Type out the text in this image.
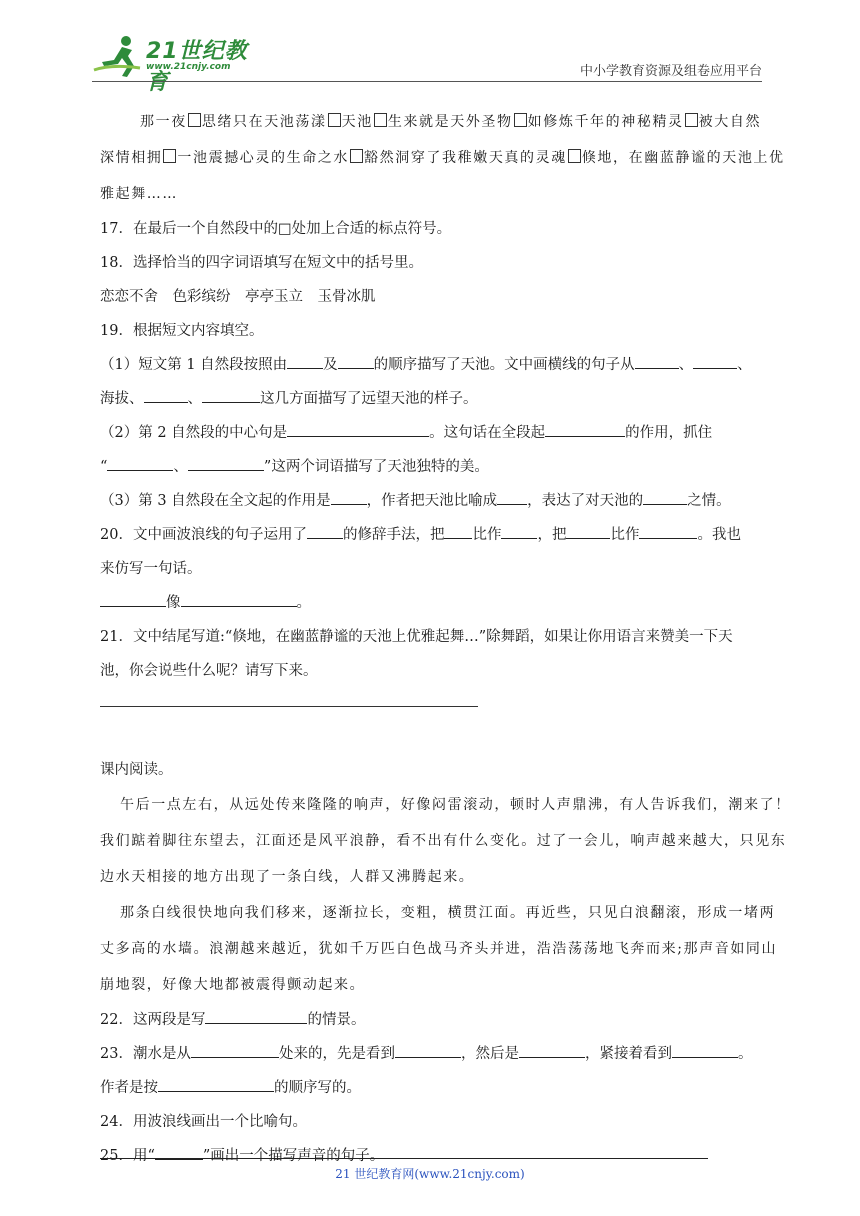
21世纪教育
www.21cnjy.com	中小学教育资源及组卷应用平台

那一夜 思绪只在天池荡漾 天池 生来就是天外圣物 如修炼千年的神秘精灵 被大自然

深情相拥 一池震撼心灵的生命之水 豁然洞穿了我稚嫩天真的灵魂 倏地，在幽蓝静谧的天池上优

雅起舞……

17．在最后一个自然段中的□处加上合适的标点符号。

18．选择恰当的四字词语填写在短文中的括号里。

恋恋不舍　色彩缤纷　亭亭玉立　玉骨冰肌

19．根据短文内容填空。

（1）短文第 1 自然段按照由 及 的顺序描写了天池。文中画横线的句子从	、	、

海拔、	、	这几方面描写了远望天池的样子。

（2）第 2 自然段的中心句是	。这句话在全段起	的作用，抓住

“	、	”这两个词语描写了天池独特的美。

（3）第 3 自然段在全文起的作用是 ，作者把天池比喻成 ，表达了对天池的	之情。

20．文中画波浪线的句子运用了 的修辞手法，把 比作 ，把	比作	。我也

来仿写一句话。

像	。

21．文中结尾写道:“倏地，在幽蓝静谧的天池上优雅起舞…”除舞蹈，如果让你用语言来赞美一下天

池，你会说些什么呢？请写下来。

课内阅读。

午后一点左右，从远处传来隆隆的响声，好像闷雷滚动，顿时人声鼎沸，有人告诉我们，潮来了！

我们踮着脚往东望去，江面还是风平浪静，看不出有什么变化。过了一会儿，响声越来越大，只见东

边水天相接的地方出现了一条白线，人群又沸腾起来。

那条白线很快地向我们移来，逐渐拉长，变粗，横贯江面。再近些，只见白浪翻滚，形成一堵两

丈多高的水墙。浪潮越来越近，犹如千万匹白色战马齐头并进，浩浩荡荡地飞奔而来;那声音如同山

崩地裂，好像大地都被震得颤动起来。

22．这两段是写	的情景。

23．潮水是从	处来的，先是看到	，然后是	，紧接着看到	。

作者是按	的顺序写的。

24．用波浪线画出一个比喻句。

25．用“	”画出一个描写声音的句子。

21 世纪教育网(www.21cnjy.com)
